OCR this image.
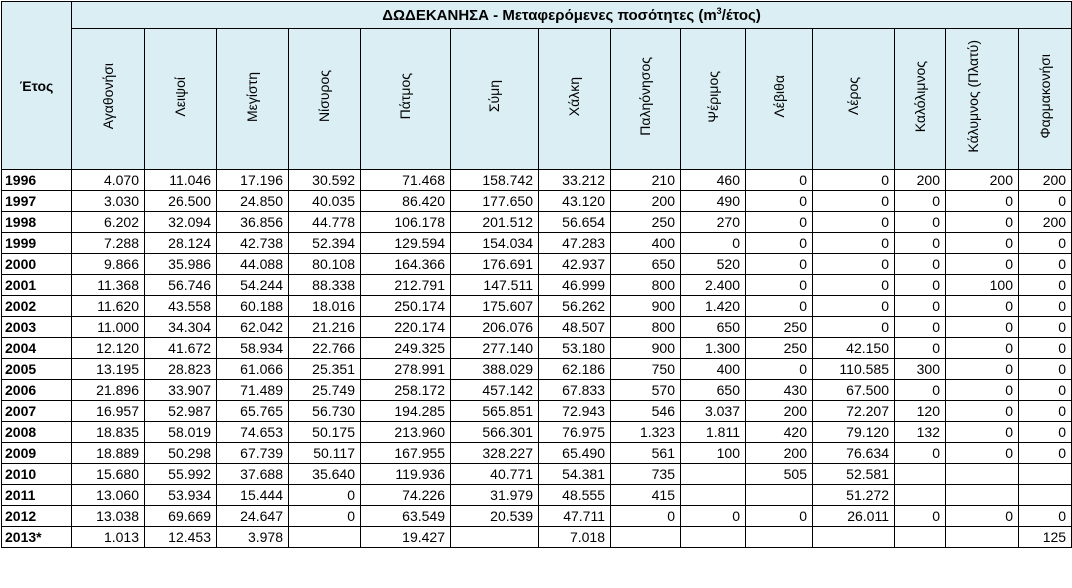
Έτος	ΔΩΔΕΚΑΝΗΣΑ - Μεταφερόμενες ποσότητες $(m^3/έ\tau o\varsigma)$													
	Αγαθονήσι	Λειψοί	Μεγίστη	Νίσυρος	Πάτμος	Σύμη	Χάλκη	Παληόνησος	Ψέριμος	Λέβιθα	Λέρος	Καλόλιμνος	Κάλυμνος (Πλατύ)	Φαρμακονήσι
1996	4.070	11.046	17.196	30.592	71.468	158.742	33.212	210	460	0	0	200	200	200
1997	3.030	26.500	24.850	40.035	86.420	177.650	43.120	200	490	0	0	0	0	0
1998	6.202	32.094	36.856	44.778	106.178	201.512	56.654	250	270	0	0	0	0	200
1999	7.288	28.124	42.738	52.394	129.594	154.034	47.283	400	0	0	0	0	0	0
2000	9.866	35.986	44.088	80.108	164.366	176.691	42.937	650	520	0	0	0	0	0
2001	11.368	56.746	54.244	88.338	212.791	147.511	46.999	800	2.400	0	0	0	100	0
2002	11.620	43.558	60.188	18.016	250.174	175.607	56.262	900	1.420	0	0	0	0	0
2003	11.000	34.304	62.042	21.216	220.174	206.076	48.507	800	650	250	0	0	0	0
2004	12.120	41.672	58.934	22.766	249.325	277.140	53.180	900	1.300	250	42.150	0	0	0
2005	13.195	28.823	61.066	25.351	278.991	388.029	62.186	750	400	0	110.585	300	0	0
2006	21.896	33.907	71.489	25.749	258.172	457.142	67.833	570	650	430	67.500	0	0	0
2007	16.957	52.987	65.765	56.730	194.285	565.851	72.943	546	3.037	200	72.207	120	0	0
2008	18.835	58.019	74.653	50.175	213.960	566.301	76.975	1.323	1.811	420	79.120	132	0	0
2009	18.889	50.298	67.739	50.117	167.955	328.227	65.490	561	100	200	76.634	0	0	0
2010	15.680	55.992	37.688	35.640	119.936	40.771	54.381	735		505	52.581			
2011	13.060	53.934	15.444	0	74.226	31.979	48.555	415			51.272			
2012	13.038	69.669	24.647	0	63.549	20.539	47.711	0	0	0	26.011	0	0	0
2013*	1.013	12.453	3.978		19.427		7.018							125
